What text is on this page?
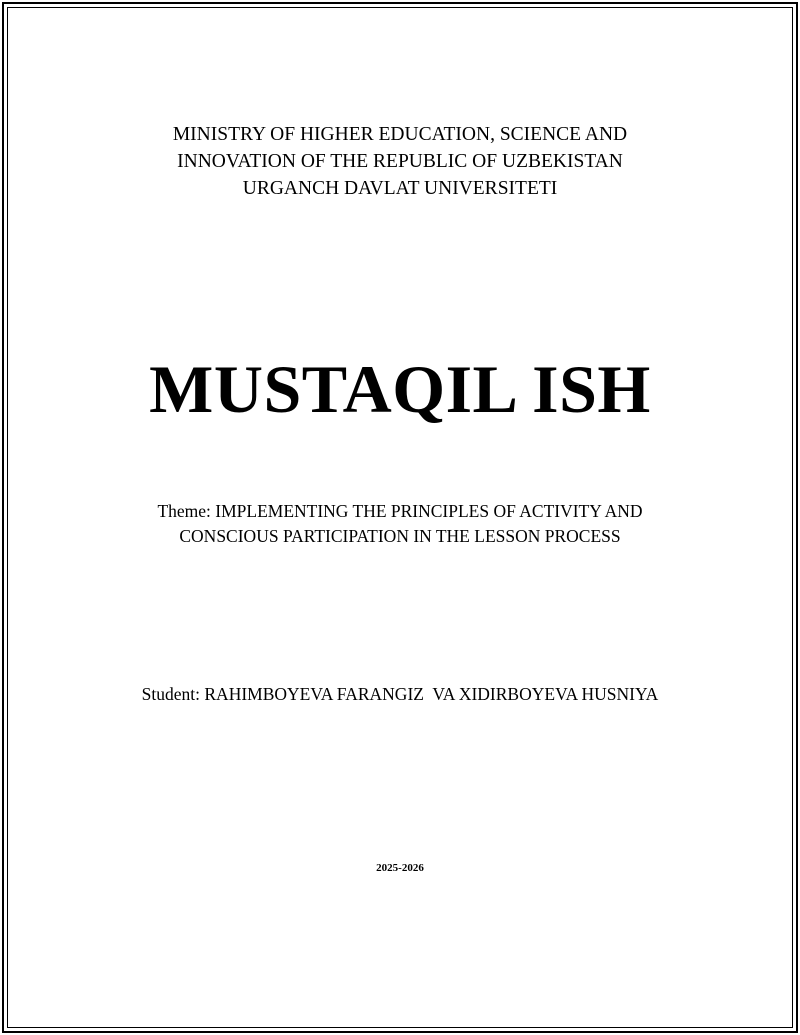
MINISTRY OF HIGHER EDUCATION, SCIENCE AND
INNOVATION OF THE REPUBLIC OF UZBEKISTAN
URGANCH DAVLAT UNIVERSITETI
MUSTAQIL ISH
Theme: IMPLEMENTING THE PRINCIPLES OF ACTIVITY AND
CONSCIOUS PARTICIPATION IN THE LESSON PROCESS
Student: RAHIMBOYEVA FARANGIZ  VA XIDIRBOYEVA HUSNIYA
2025-2026
